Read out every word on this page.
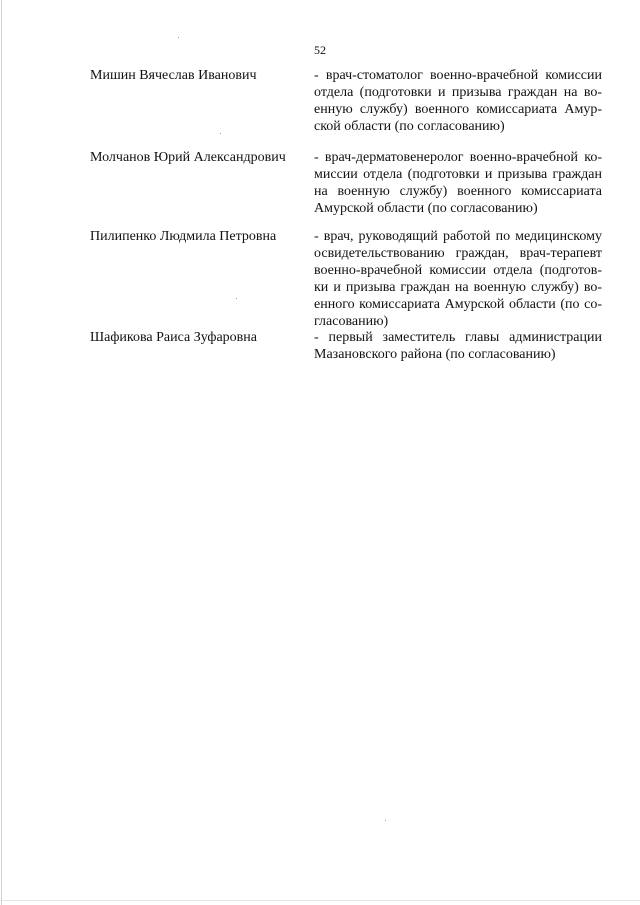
52
Мишин Вячеслав Иванович	- врач-стоматолог военно-врачебной комиссии
отдела (подготовки и призыва граждан на во-
енную службу) военного комиссариата Амур-
ской области (по согласованию)
Молчанов Юрий Александрович	- врач-дерматовенеролог военно-врачебной ко-
миссии отдела (подготовки и призыва граждан
на военную службу) военного комиссариата
Амурской области (по согласованию)
Пилипенко Людмила Петровна	- врач, руководящий работой по медицинскому
освидетельствованию граждан, врач-терапевт
военно-врачебной комиссии отдела (подготов-
ки и призыва граждан на военную службу) во-
енного комиссариата Амурской области (по со-
гласованию)
Шафикова Раиса Зуфаровна	- первый заместитель главы администрации
Мазановского района (по согласованию)
